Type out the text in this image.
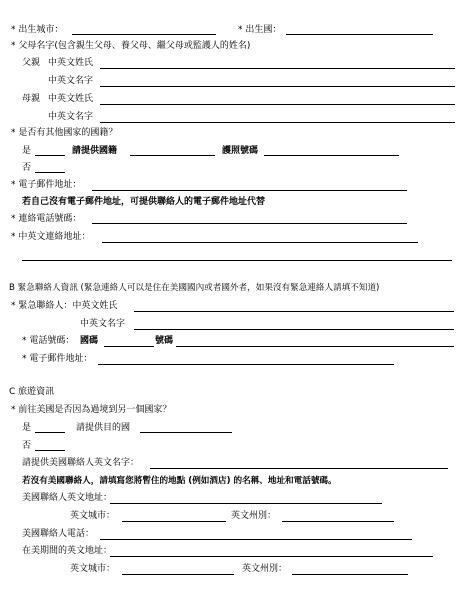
* 出生城市：	* 出生國：
* 父母名字(包含親生父母、養父母、繼父母或監護人的姓名)
父親 中英文姓氏
中英文名字
母親 中英文姓氏
中英文名字
* 是否有其他國家的國籍？
是	請提供國籍	護照號碼
否
* 電子郵件地址：
若自己沒有電子郵件地址，可提供聯絡人的電子郵件地址代替
* 連絡電話號碼：
* 中英文連絡地址：
B 緊急聯絡人資訊 (緊急連絡人可以是住在美國國內或者國外者，如果沒有緊急連絡人請填不知道)
* 緊急聯絡人：中英文姓氏
中英文名字
* 電話號碼： 國碼	號碼
* 電子郵件地址：
C 旅遊資訊
* 前往美國是否因為過境到另一個國家？
是	請提供目的國
否
請提供美國聯絡人英文名字：
若沒有美國聯絡人，請填寫您將暫住的地點 (例如酒店) 的名稱、地址和電話號碼。
美國聯絡人英文地址：
英文城市：	英文州別：
美國聯絡人電話：
在美期間的英文地址：
英文城市：	英文州別：
